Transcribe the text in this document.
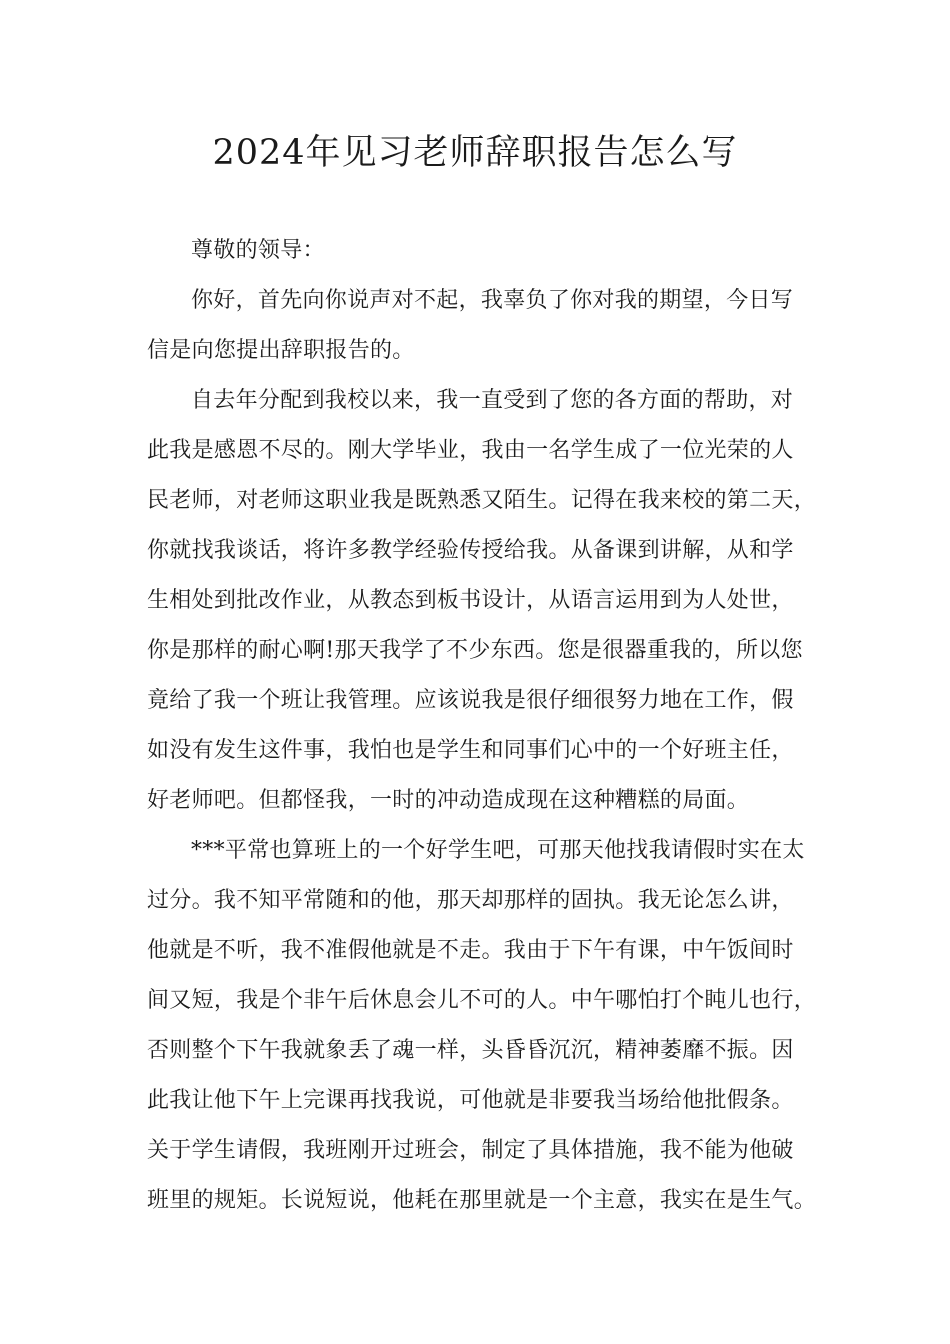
2024年见习老师辞职报告怎么写
尊敬的领导：
你好，首先向你说声对不起，我辜负了你对我的期望，今日写
信是向您提出辞职报告的。
自去年分配到我校以来，我一直受到了您的各方面的帮助，对
此我是感恩不尽的。刚大学毕业，我由一名学生成了一位光荣的人
民老师，对老师这职业我是既熟悉又陌生。记得在我来校的第二天，
你就找我谈话，将许多教学经验传授给我。从备课到讲解，从和学
生相处到批改作业，从教态到板书设计，从语言运用到为人处世，
你是那样的耐心啊!那天我学了不少东西。您是很器重我的，所以您
竟给了我一个班让我管理。应该说我是很仔细很努力地在工作，假
如没有发生这件事，我怕也是学生和同事们心中的一个好班主任，
好老师吧。但都怪我，一时的冲动造成现在这种糟糕的局面。
***平常也算班上的一个好学生吧，可那天他找我请假时实在太
过分。我不知平常随和的他，那天却那样的固执。我无论怎么讲，
他就是不听，我不准假他就是不走。我由于下午有课，中午饭间时
间又短，我是个非午后休息会儿不可的人。中午哪怕打个盹儿也行，
否则整个下午我就象丢了魂一样，头昏昏沉沉，精神萎靡不振。因
此我让他下午上完课再找我说，可他就是非要我当场给他批假条。
关于学生请假，我班刚开过班会，制定了具体措施，我不能为他破
班里的规矩。长说短说，他耗在那里就是一个主意，我实在是生气。
